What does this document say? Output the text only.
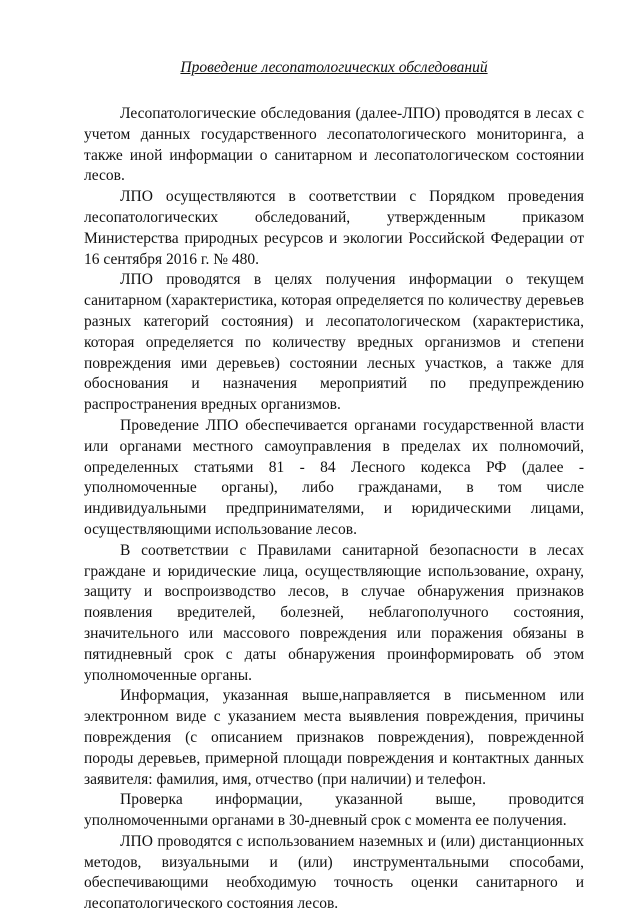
Проведение лесопатологических обследований

Лесопатологические обследования (далее-ЛПО) проводятся в лесах с учетом данных государственного лесопатологического мониторинга, а также иной информации о санитарном и лесопатологическом состоянии лесов.

ЛПО осуществляются в соответствии с Порядком проведения лесопатологических обследований, утвержденным приказом Министерства природных ресурсов и экологии Российской Федерации от 16 сентября 2016 г. № 480.

ЛПО проводятся в целях получения информации о текущем санитарном (характеристика, которая определяется по количеству деревьев разных категорий состояния) и лесопатологическом (характеристика, которая определяется по количеству вредных организмов и степени повреждения ими деревьев) состоянии лесных участков, а также для обоснования и назначения мероприятий по предупреждению распространения вредных организмов.

Проведение ЛПО обеспечивается органами государственной власти или органами местного самоуправления в пределах их полномочий, определенных статьями 81 - 84 Лесного кодекса РФ (далее - уполномоченные органы), либо гражданами, в том числе индивидуальными предпринимателями, и юридическими лицами, осуществляющими использование лесов.

В соответствии с Правилами санитарной безопасности в лесах граждане и юридические лица, осуществляющие использование, охрану, защиту и воспроизводство лесов, в случае обнаружения признаков появления вредителей, болезней, неблагополучного состояния, значительного или массового повреждения или поражения обязаны в пятидневный срок с даты обнаружения проинформировать об этом уполномоченные органы.

Информация, указанная выше,направляется в письменном или электронном виде с указанием места выявления повреждения, причины повреждения (с описанием признаков повреждения), поврежденной породы деревьев, примерной площади повреждения и контактных данных заявителя: фамилия, имя, отчество (при наличии) и телефон.

Проверка информации, указанной выше, проводится уполномоченными органами в 30-дневный срок с момента ее получения.

ЛПО проводятся с использованием наземных и (или) дистанционных методов, визуальными и (или) инструментальными способами, обеспечивающими необходимую точность оценки санитарного и лесопатологического состояния лесов.
